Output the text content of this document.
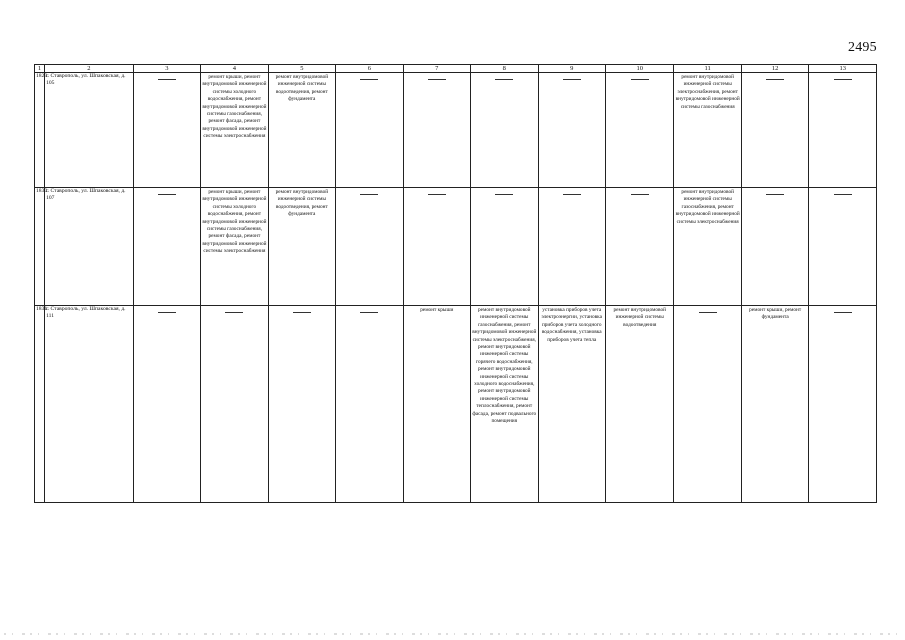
2495
1	2	3	4	5	6	7	8	9	10	11	12	13
1829.	г. Ставрополь, ул. Шпаковская, д. 105		ремонт крыши, ремонт внутридомовой инженерной системы холодного водоснабжения, ремонт внутридомовой инженерной системы газоснабжения, ремонт фасада, ремонт внутридомовой инженерной системы электроснабжения	ремонт внутридомовой инженерной системы водоотведения, ремонт фундамента						ремонт внутридомовой инженерной системы электроснабжения, ремонт внутридомовой инженерной системы газоснабжения		
1830.	г. Ставрополь, ул. Шпаковская, д. 107		ремонт крыши, ремонт внутридомовой инженерной системы холодного водоснабжения, ремонт внутридомовой инженерной системы газоснабжения, ремонт фасада, ремонт внутридомовой инженерной системы электроснабжения	ремонт внутридомовой инженерной системы водоотведения, ремонт фундамента						ремонт внутридомовой инженерной системы газоснабжения, ремонт внутридомовой инженерной системы электроснабжения		
1831.	г. Ставрополь, ул. Шпаковская, д. 111					ремонт крыши	ремонт внутридомовой инженерной системы газоснабжения, ремонт внутридомовой инженерной системы электроснабжения, ремонт внутридомовой инженерной системы горячего водоснабжения, ремонт внутридомовой инженерной системы холодного водоснабжения, ремонт внутридомовой инженерной системы теплоснабжения, ремонт фасада, ремонт подвального помещения	установка приборов учета электроэнергии, установка приборов учета холодного водоснабжения, установка приборов учета тепла	ремонт внутридомовой инженерной системы водоотведения		ремонт крыши, ремонт фундамента	
